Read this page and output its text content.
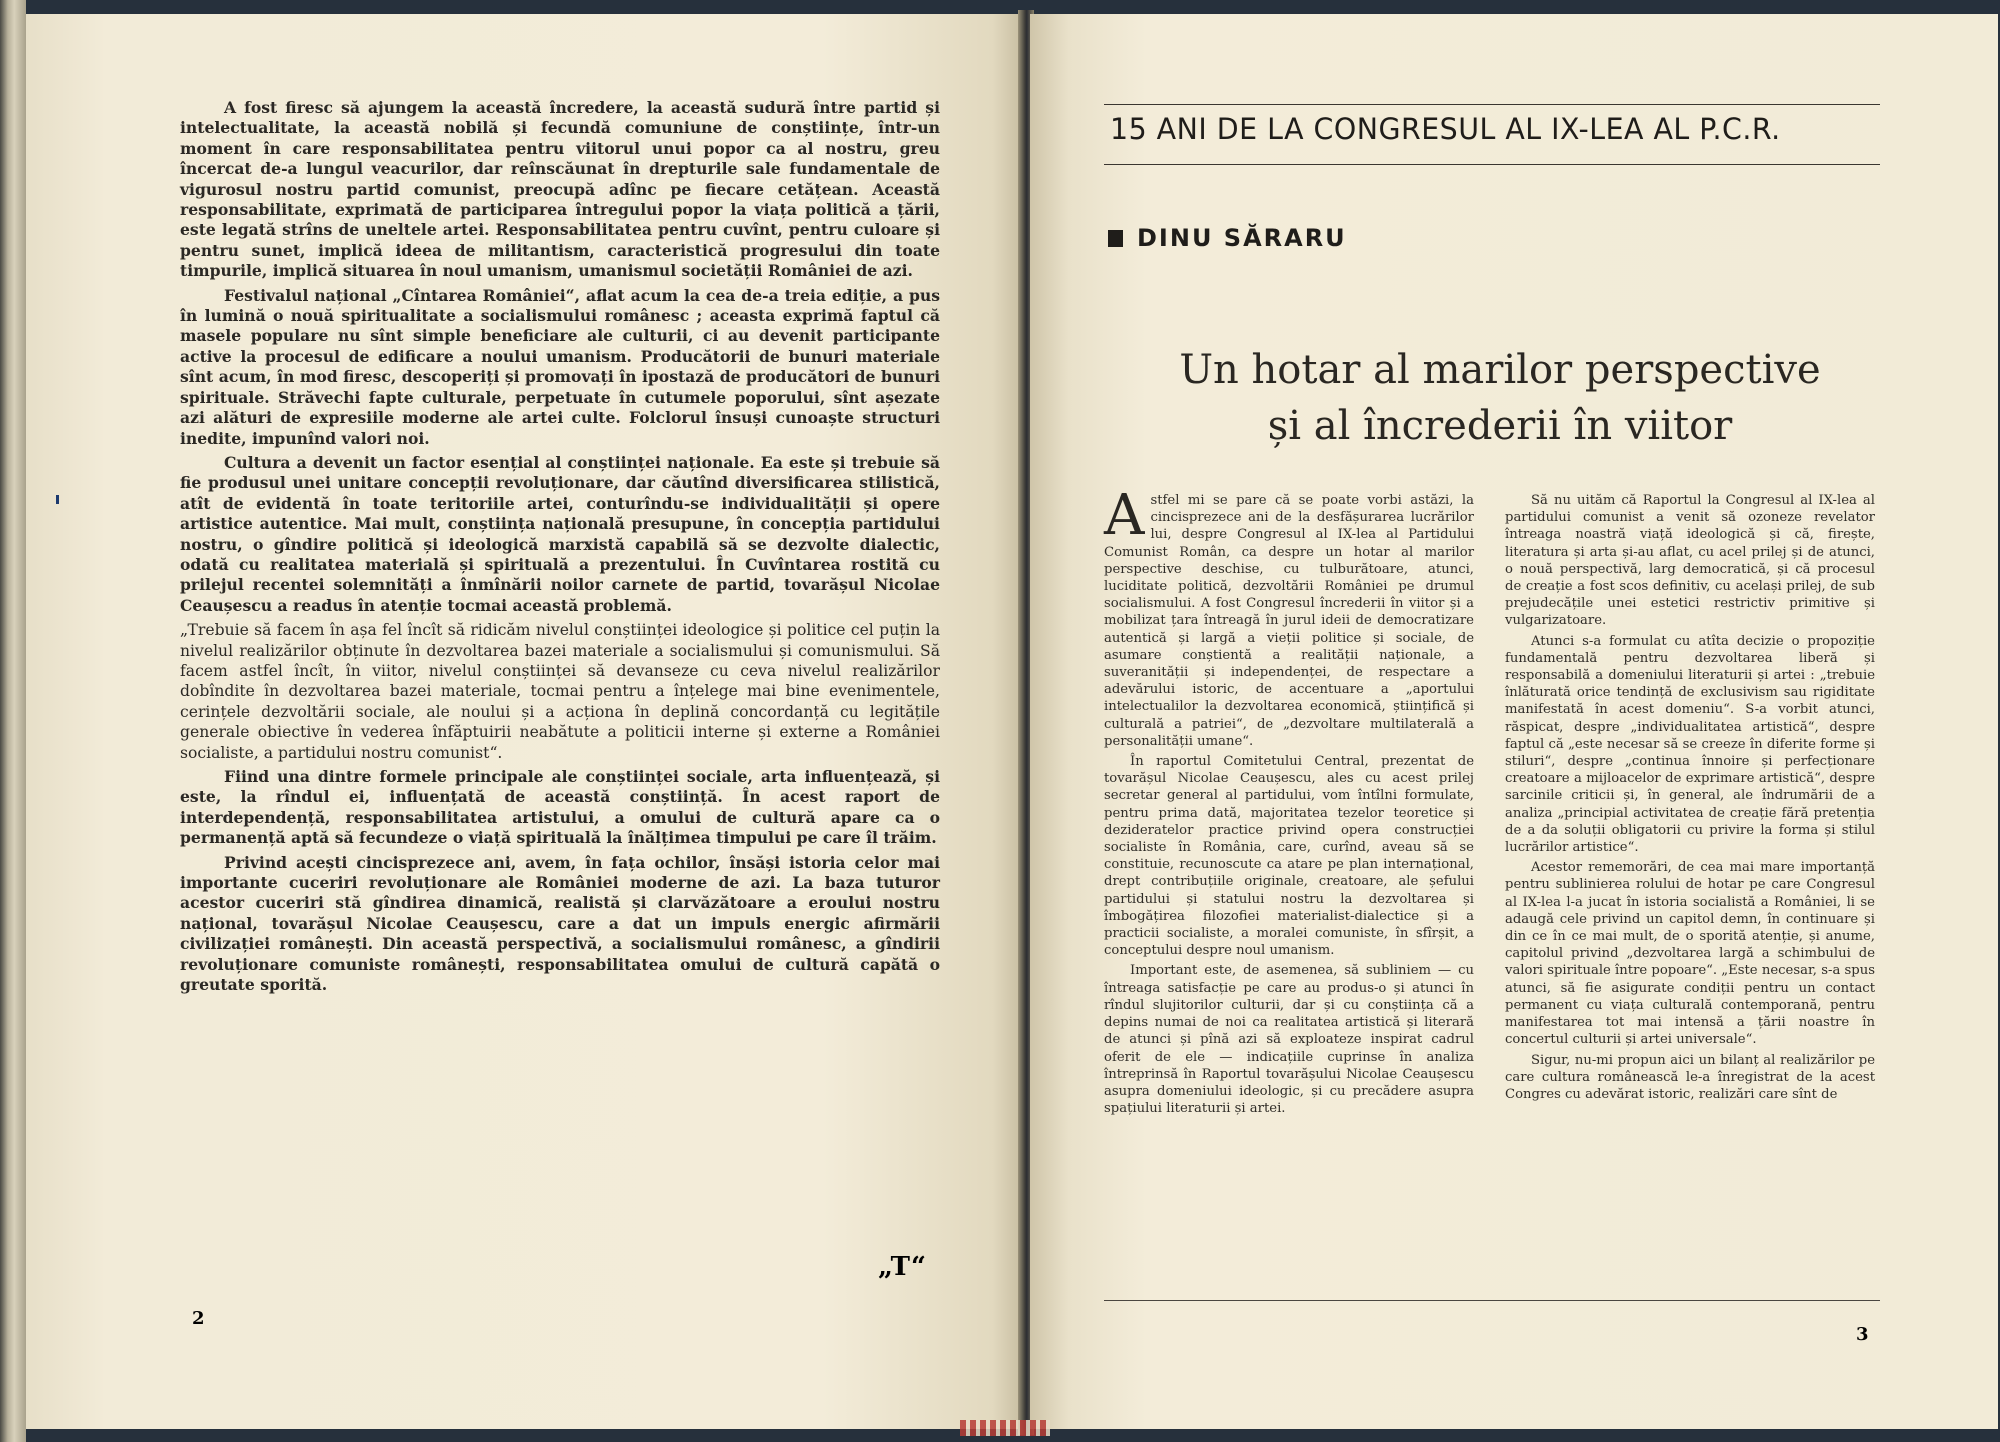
A fost firesc să ajungem la această încredere, la această sudură între partid și intelectualitate, la această nobilă și fecundă comuniune de conștiințe, într-un moment în care responsabilitatea pentru viitorul unui popor ca al nostru, greu încercat de-a lungul veacurilor, dar reînscăunat în drepturile sale fundamentale de vigurosul nostru partid comunist, preocupă adînc pe fiecare cetățean. Această responsabilitate, exprimată de participarea întregului popor la viața politică a țării, este legată strîns de uneltele artei. Responsabilitatea pentru cuvînt, pentru culoare și pentru sunet, implică ideea de militantism, caracteristică progresului din toate timpurile, implică situarea în noul umanism, umanismul societății României de azi.

Festivalul național „Cîntarea României“, aflat acum la cea de-a treia ediție, a pus în lumină o nouă spiritualitate a socialismului românesc ; aceasta exprimă faptul că masele populare nu sînt simple beneficiare ale culturii, ci au devenit participante active la procesul de edificare a noului umanism. Producătorii de bunuri materiale sînt acum, în mod firesc, descoperiți și promovați în ipostază de producători de bunuri spirituale. Străvechi fapte culturale, perpetuate în cutumele poporului, sînt așezate azi alături de expresiile moderne ale artei culte. Folclorul însuși cunoaște structuri inedite, impunînd valori noi.

Cultura a devenit un factor esențial al conștiinței naționale. Ea este și trebuie să fie produsul unei unitare concepții revoluționare, dar căutînd diversificarea stilistică, atît de evidentă în toate teritoriile artei, conturîndu-se individualității și opere artistice autentice. Mai mult, conștiința națională presupune, în concepția partidului nostru, o gîndire politică și ideologică marxistă capabilă să se dezvolte dialectic, odată cu realitatea materială și spirituală a prezentului. În Cuvîntarea rostită cu prilejul recentei solemnități a înmînării noilor carnete de partid, tovarășul Nicolae Ceaușescu a readus în atenție tocmai această problemă.

„Trebuie să facem în așa fel încît să ridicăm nivelul conștiinței ideologice și politice cel puțin la nivelul realizărilor obținute în dezvoltarea bazei materiale a socialismului și comunismului. Să facem astfel încît, în viitor, nivelul conștiinței să devanseze cu ceva nivelul realizărilor dobîndite în dezvoltarea bazei materiale, tocmai pentru a înțelege mai bine evenimentele, cerințele dezvoltării sociale, ale noului și a acționa în deplină concordanță cu legitățile generale obiective în vederea înfăptuirii neabătute a politicii interne și externe a României socialiste, a partidului nostru comunist“.

Fiind una dintre formele principale ale conștiinței sociale, arta influențează, și este, la rîndul ei, influențată de această conștiință. În acest raport de interdependență, responsabilitatea artistului, a omului de cultură apare ca o permanență aptă să fecundeze o viață spirituală la înălțimea timpului pe care îl trăim.

Privind acești cincisprezece ani, avem, în fața ochilor, însăși istoria celor mai importante cuceriri revoluționare ale României moderne de azi. La baza tuturor acestor cuceriri stă gîndirea dinamică, realistă și clarvăzătoare a eroului nostru național, tovarășul Nicolae Ceaușescu, care a dat un impuls energic afirmării civilizației românești. Din această perspectivă, a socialismului românesc, a gîndirii revoluționare comuniste românești, responsabilitatea omului de cultură capătă o greutate sporită.

„T“
2
15 ANI DE LA CONGRESUL AL IX-LEA AL P.C.R.
DINU SĂRARU
Un hotar al marilor perspective
și al încrederii în viitor

Astfel mi se pare că se poate vorbi astăzi, la cincisprezece ani de la desfășurarea lucrărilor lui, despre Congresul al IX-lea al Partidului Comunist Român, ca despre un hotar al marilor perspective deschise, cu tulburătoare, atunci, luciditate politică, dezvoltării României pe drumul socialismului. A fost Congresul încrederii în viitor și a mobilizat țara întreagă în jurul ideii de democratizare autentică și largă a vieții politice și sociale, de asumare conștientă a realității naționale, a suveranității și independenței, de respectare a adevărului istoric, de accentuare a „aportului intelectualilor la dezvoltarea economică, științifică și culturală a patriei“, de „dezvoltare multilaterală a personalității umane“.

În raportul Comitetului Central, prezentat de tovarășul Nicolae Ceaușescu, ales cu acest prilej secretar general al partidului, vom întîlni formulate, pentru prima dată, majoritatea tezelor teoretice și dezideratelor practice privind opera construcției socialiste în România, care, curînd, aveau să se constituie, recunoscute ca atare pe plan internațional, drept contribuțiile originale, creatoare, ale șefului partidului și statului nostru la dezvoltarea și îmbogățirea filozofiei materialist-dialectice și a practicii socialiste, a moralei comuniste, în sfîrșit, a conceptului despre noul umanism.

Important este, de asemenea, să subliniem — cu întreaga satisfacție pe care au produs-o și atunci în rîndul slujitorilor culturii, dar și cu conștiința că a depins numai de noi ca realitatea artistică și literară de atunci și pînă azi să exploateze inspirat cadrul oferit de ele — indicațiile cuprinse în analiza întreprinsă în Raportul tovarășului Nicolae Ceaușescu asupra domeniului ideologic, și cu precădere asupra spațiului literaturii și artei.

Să nu uităm că Raportul la Congresul al IX-lea al partidului comunist a venit să ozoneze revelator întreaga noastră viață ideologică și că, firește, literatura și arta și-au aflat, cu acel prilej și de atunci, o nouă perspectivă, larg democratică, și că procesul de creație a fost scos definitiv, cu același prilej, de sub prejudecățile unei estetici restrictiv primitive și vulgarizatoare.

Atunci s-a formulat cu atîta decizie o propoziție fundamentală pentru dezvoltarea liberă și responsabilă a domeniului literaturii și artei : „trebuie înlăturată orice tendință de exclusivism sau rigiditate manifestată în acest domeniu“. S-a vorbit atunci, răspicat, despre „individualitatea artistică“, despre faptul că „este necesar să se creeze în diferite forme și stiluri“, despre „continua înnoire și perfecționare creatoare a mijloacelor de exprimare artistică“, despre sarcinile criticii și, în general, ale îndrumării de a analiza „principial activitatea de creație fără pretenția de a da soluții obligatorii cu privire la forma și stilul lucrărilor artistice“.

Acestor rememorări, de cea mai mare importanță pentru sublinierea rolului de hotar pe care Congresul al IX-lea l-a jucat în istoria socialistă a României, li se adaugă cele privind un capitol demn, în continuare și din ce în ce mai mult, de o sporită atenție, și anume, capitolul privind „dezvoltarea largă a schimbului de valori spirituale între popoare“. „Este necesar, s-a spus atunci, să fie asigurate condiții pentru un contact permanent cu viața culturală contemporană, pentru manifestarea tot mai intensă a țării noastre în concertul culturii și artei universale“.

Sigur, nu-mi propun aici un bilanț al realizărilor pe care cultura românească le-a înregistrat de la acest Congres cu adevărat istoric, realizări care sînt de

3
